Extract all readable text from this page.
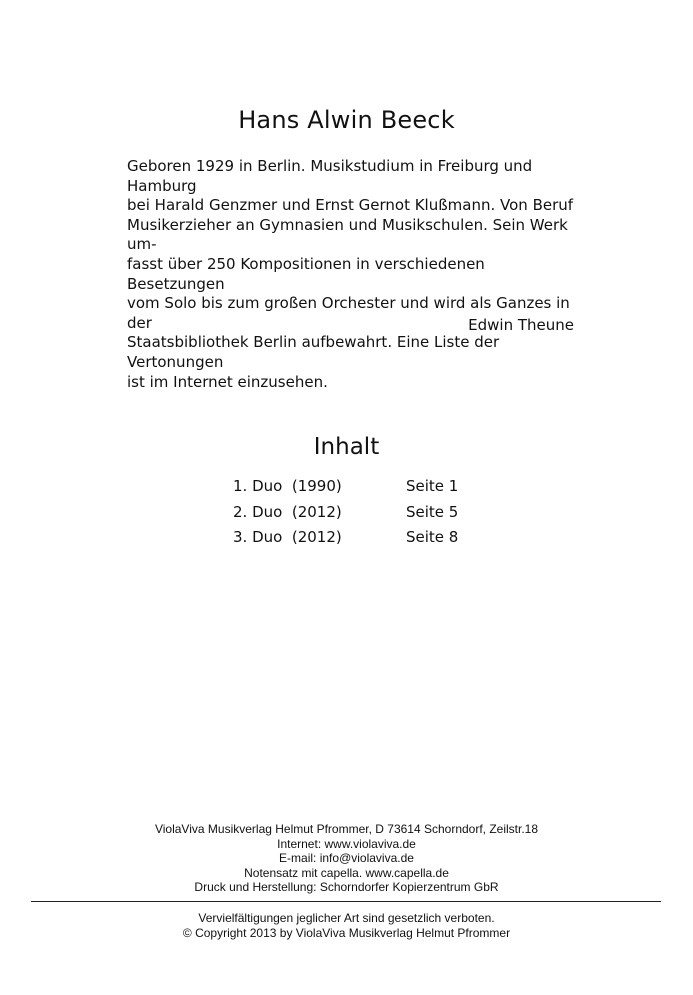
Hans Alwin Beeck

Geboren 1929 in Berlin. Musikstudium in Freiburg und Hamburg
bei Harald Genzmer und Ernst Gernot Klußmann. Von Beruf
Musikerzieher an Gymnasien und Musikschulen. Sein Werk um-
fasst über 250 Kompositionen in verschiedenen Besetzungen
vom Solo bis zum großen Orchester und wird als Ganzes in der
Staatsbibliothek Berlin aufbewahrt. Eine Liste der Vertonungen
ist im Internet einzusehen.

Edwin Theune

Inhalt
1. Duo  (1990)	Seite 1
2. Duo  (2012)	Seite 5
3. Duo  (2012)	Seite 8
ViolaViva Musikverlag Helmut Pfrommer, D 73614 Schorndorf, Zeilstr.18
Internet: www.violaviva.de
E-mail: info@violaviva.de
Notensatz mit capella. www.capella.de
Druck und Herstellung: Schorndorfer Kopierzentrum GbR
Vervielfältigungen jeglicher Art sind gesetzlich verboten.
© Copyright 2013 by ViolaViva Musikverlag Helmut Pfrommer
